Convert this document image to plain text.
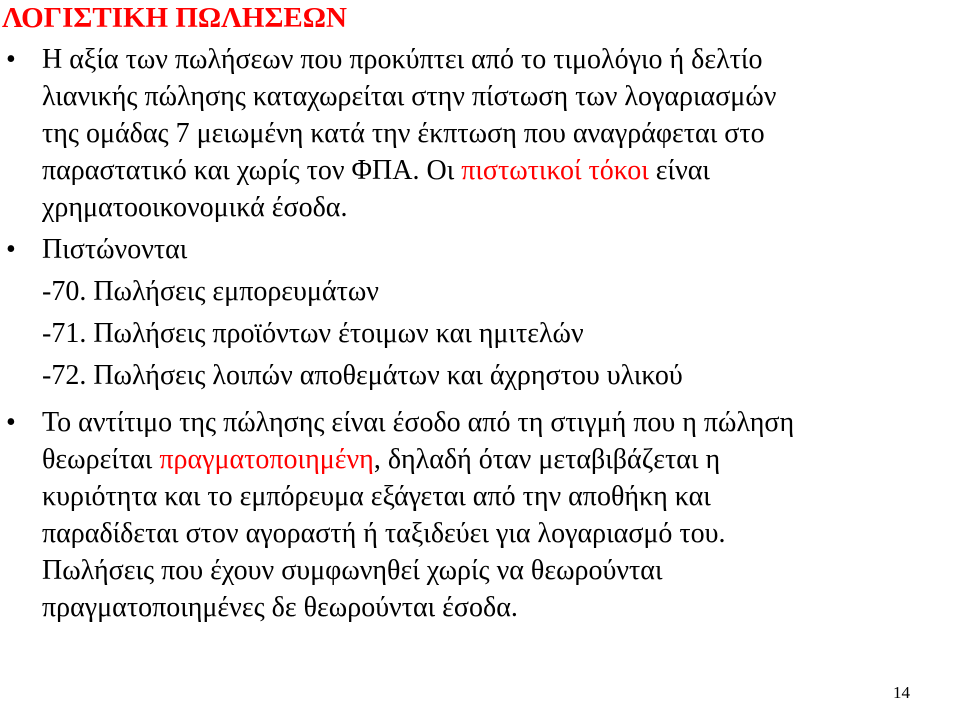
ΛΟΓΙΣΤΙΚΗ ΠΩΛΗΣΕΩΝ
• Η αξία των πωλήσεων που προκύπτει από το τιμολόγιο ή δελτίο
λιανικής πώλησης καταχωρείται στην πίστωση των λογαριασμών
της ομάδας 7 μειωμένη κατά την έκπτωση που αναγράφεται στο
παραστατικό και χωρίς τον ΦΠΑ. Οι πιστωτικοί τόκοι είναι
χρηματοοικονομικά έσοδα.
• Πιστώνονται
-70. Πωλήσεις εμπορευμάτων
-71. Πωλήσεις προϊόντων έτοιμων και ημιτελών
-72. Πωλήσεις λοιπών αποθεμάτων και άχρηστου υλικού
• Το αντίτιμο της πώλησης είναι έσοδο από τη στιγμή που η πώληση
θεωρείται πραγματοποιημένη, δηλαδή όταν μεταβιβάζεται η
κυριότητα και το εμπόρευμα εξάγεται από την αποθήκη και
παραδίδεται στον αγοραστή ή ταξιδεύει για λογαριασμό του.
Πωλήσεις που έχουν συμφωνηθεί χωρίς να θεωρούνται
πραγματοποιημένες δε θεωρούνται έσοδα.
14
